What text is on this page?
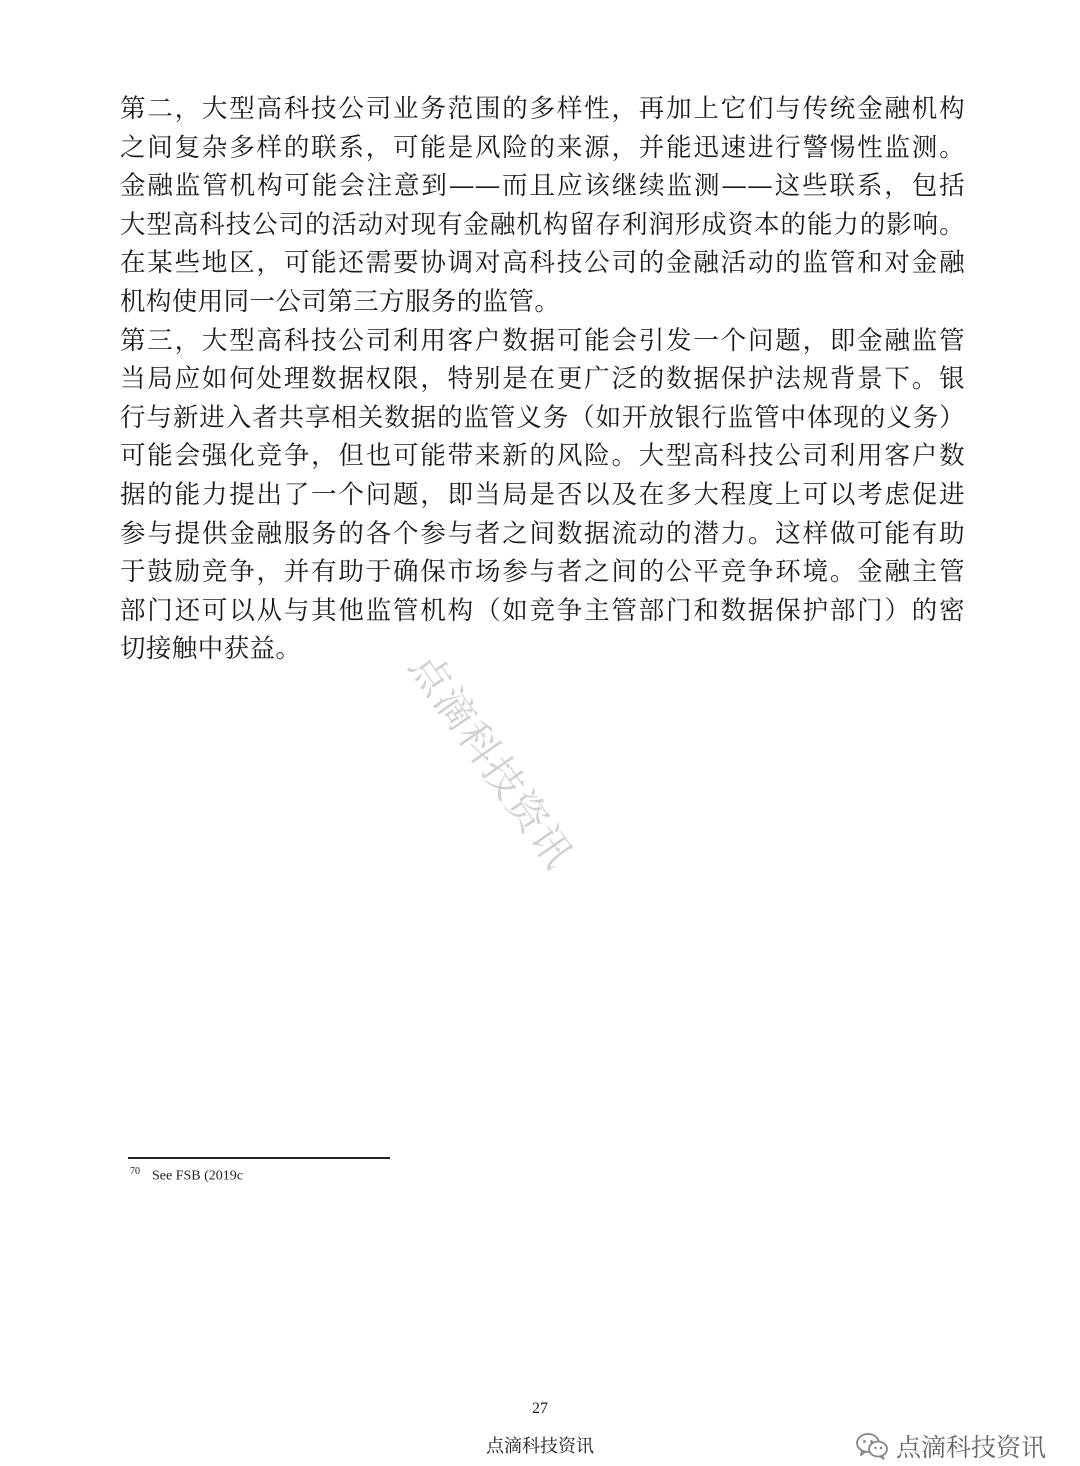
第二，大型高科技公司业务范围的多样性，再加上它们与传统金融机构
之间复杂多样的联系，可能是风险的来源，并能迅速进行警惕性监测。
金融监管机构可能会注意到——而且应该继续监测——这些联系，包括
大型高科技公司的活动对现有金融机构留存利润形成资本的能力的影响。
在某些地区，可能还需要协调对高科技公司的金融活动的监管和对金融
机构使用同一公司第三方服务的监管。

第三，大型高科技公司利用客户数据可能会引发一个问题，即金融监管
当局应如何处理数据权限，特别是在更广泛的数据保护法规背景下。银
行与新进入者共享相关数据的监管义务（如开放银行监管中体现的义务）
可能会强化竞争，但也可能带来新的风险。大型高科技公司利用客户数
据的能力提出了一个问题，即当局是否以及在多大程度上可以考虑促进
参与提供金融服务的各个参与者之间数据流动的潜力。这样做可能有助
于鼓励竞争，并有助于确保市场参与者之间的公平竞争环境。金融主管
部门还可以从与其他监管机构（如竞争主管部门和数据保护部门）的密
切接触中获益。	点滴科技资讯
$^{70}$ See FSB (2019c
27
点滴科技资讯	点滴科技资讯
